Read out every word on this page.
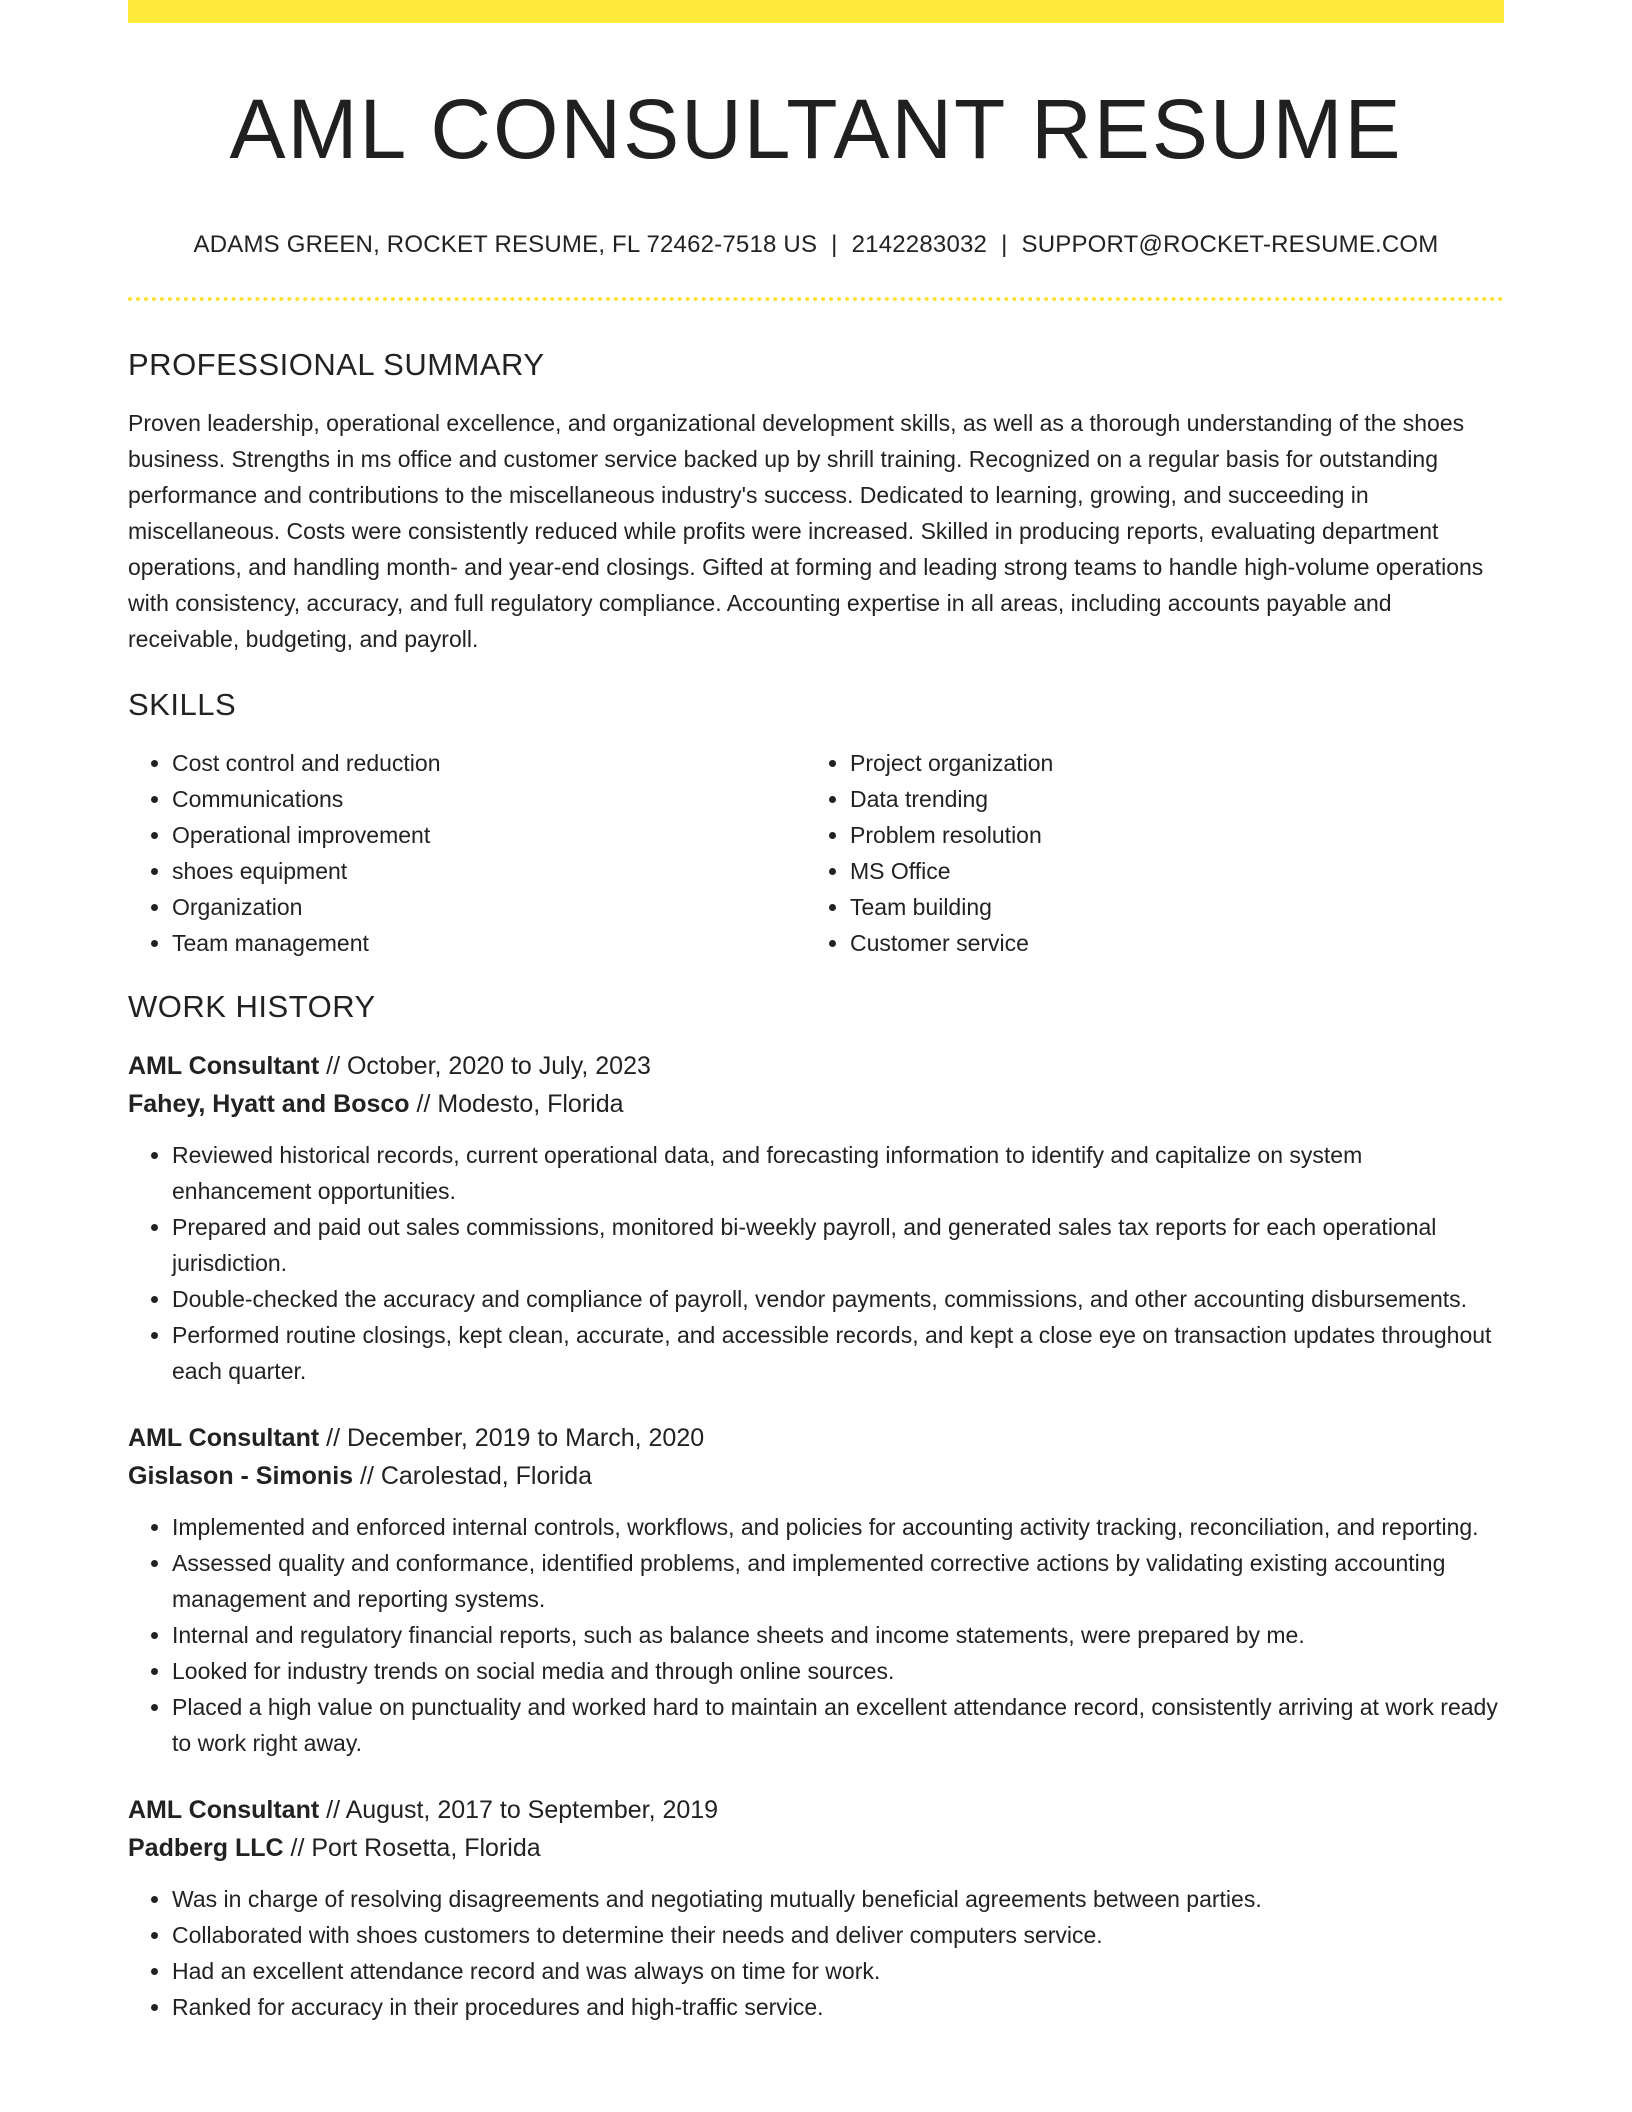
AML CONSULTANT RESUME
ADAMS GREEN, ROCKET RESUME, FL 72462-7518 US | 2142283032 | SUPPORT@ROCKET-RESUME.COM
PROFESSIONAL SUMMARY

Proven leadership, operational excellence, and organizational development skills, as well as a thorough understanding of the shoes business. Strengths in ms office and customer service backed up by shrill training. Recognized on a regular basis for outstanding performance and contributions to the miscellaneous industry's success. Dedicated to learning, growing, and succeeding in miscellaneous. Costs were consistently reduced while profits were increased. Skilled in producing reports, evaluating department operations, and handling month- and year-end closings. Gifted at forming and leading strong teams to handle high-volume operations with consistency, accuracy, and full regulatory compliance. Accounting expertise in all areas, including accounts payable and receivable, budgeting, and payroll.

SKILLS
• Cost control and reduction
• Communications
• Operational improvement
• shoes equipment
• Organization
• Team management
• Project organization
• Data trending
• Problem resolution
• MS Office
• Team building
• Customer service
WORK HISTORY
AML Consultant // October, 2020 to July, 2023
Fahey, Hyatt and Bosco // Modesto, Florida
• Reviewed historical records, current operational data, and forecasting information to identify and capitalize on system enhancement opportunities.
• Prepared and paid out sales commissions, monitored bi-weekly payroll, and generated sales tax reports for each operational jurisdiction.
• Double-checked the accuracy and compliance of payroll, vendor payments, commissions, and other accounting disbursements.
• Performed routine closings, kept clean, accurate, and accessible records, and kept a close eye on transaction updates throughout each quarter.
AML Consultant // December, 2019 to March, 2020
Gislason - Simonis // Carolestad, Florida
• Implemented and enforced internal controls, workflows, and policies for accounting activity tracking, reconciliation, and reporting.
• Assessed quality and conformance, identified problems, and implemented corrective actions by validating existing accounting management and reporting systems.
• Internal and regulatory financial reports, such as balance sheets and income statements, were prepared by me.
• Looked for industry trends on social media and through online sources.
• Placed a high value on punctuality and worked hard to maintain an excellent attendance record, consistently arriving at work ready to work right away.
AML Consultant // August, 2017 to September, 2019
Padberg LLC // Port Rosetta, Florida
• Was in charge of resolving disagreements and negotiating mutually beneficial agreements between parties.
• Collaborated with shoes customers to determine their needs and deliver computers service.
• Had an excellent attendance record and was always on time for work.
• Ranked for accuracy in their procedures and high-traffic service.
